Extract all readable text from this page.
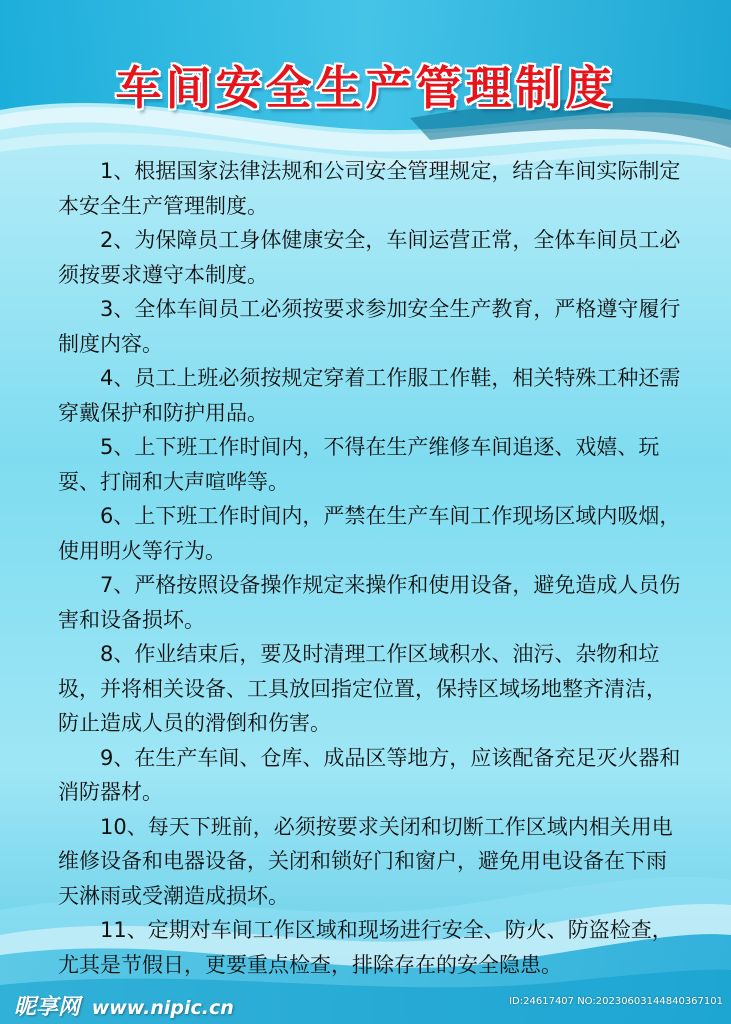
车间安全生产管理制度

1、根据国家法律法规和公司安全管理规定，结合车间实际制定本安全生产管理制度。

2、为保障员工身体健康安全，车间运营正常，全体车间员工必须按要求遵守本制度。

3、全体车间员工必须按要求参加安全生产教育，严格遵守履行制度内容。

4、员工上班必须按规定穿着工作服工作鞋，相关特殊工种还需穿戴保护和防护用品。

5、上下班工作时间内，不得在生产维修车间追逐、戏嬉、玩耍、打闹和大声喧哗等。

6、上下班工作时间内，严禁在生产车间工作现场区域内吸烟，使用明火等行为。

7、严格按照设备操作规定来操作和使用设备，避免造成人员伤害和设备损坏。

8、作业结束后，要及时清理工作区域积水、油污、杂物和垃圾，并将相关设备、工具放回指定位置，保持区域场地整齐清洁，防止造成人员的滑倒和伤害。

9、在生产车间、仓库、成品区等地方，应该配备充足灭火器和消防器材。

10、每天下班前，必须按要求关闭和切断工作区域内相关用电维修设备和电器设备，关闭和锁好门和窗户，避免用电设备在下雨天淋雨或受潮造成损坏。

11、定期对车间工作区域和现场进行安全、防火、防盗检查，尤其是节假日，更要重点检查，排除存在的安全隐患。

昵享网 www.nipic.cn	ID:24617407 NO:20230603144840367101
